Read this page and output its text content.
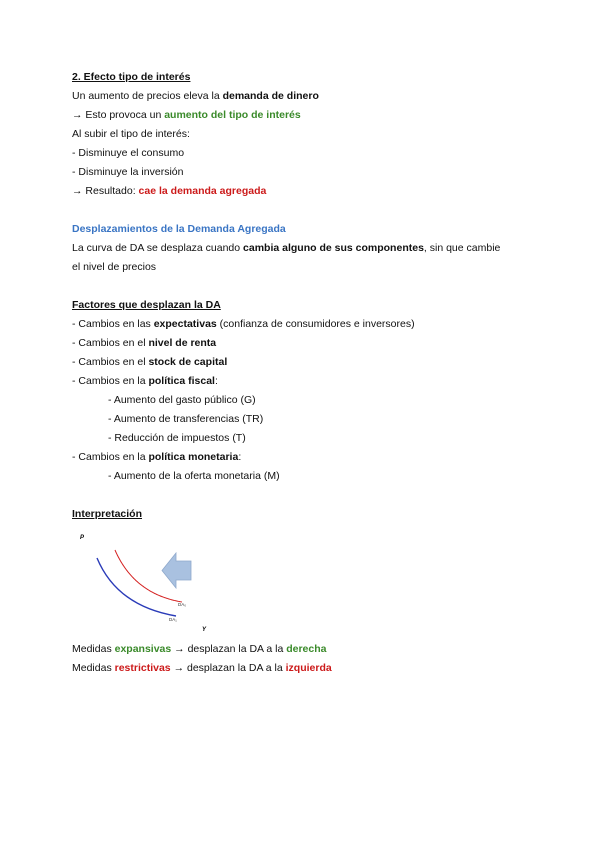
2. Efecto tipo de interés
Un aumento de precios eleva la demanda de dinero
→ Esto provoca un aumento del tipo de interés
Al subir el tipo de interés:
- Disminuye el consumo
- Disminuye la inversión
→ Resultado: cae la demanda agregada
Desplazamientos de la Demanda Agregada
La curva de DA se desplaza cuando cambia alguno de sus componentes, sin que cambie
el nivel de precios
Factores que desplazan la DA
- Cambios en las expectativas (confianza de consumidores e inversores)
- Cambios en el nivel de renta
- Cambios en el stock de capital
- Cambios en la política fiscal:
- Aumento del gasto público (G)
- Aumento de transferencias (TR)
- Reducción de impuestos (T)
- Cambios en la política monetaria:
- Aumento de la oferta monetaria (M)
Interpretación
P
Y
DA₀
DA₁
Medidas expansivas → desplazan la DA a la derecha
Medidas restrictivas → desplazan la DA a la izquierda
